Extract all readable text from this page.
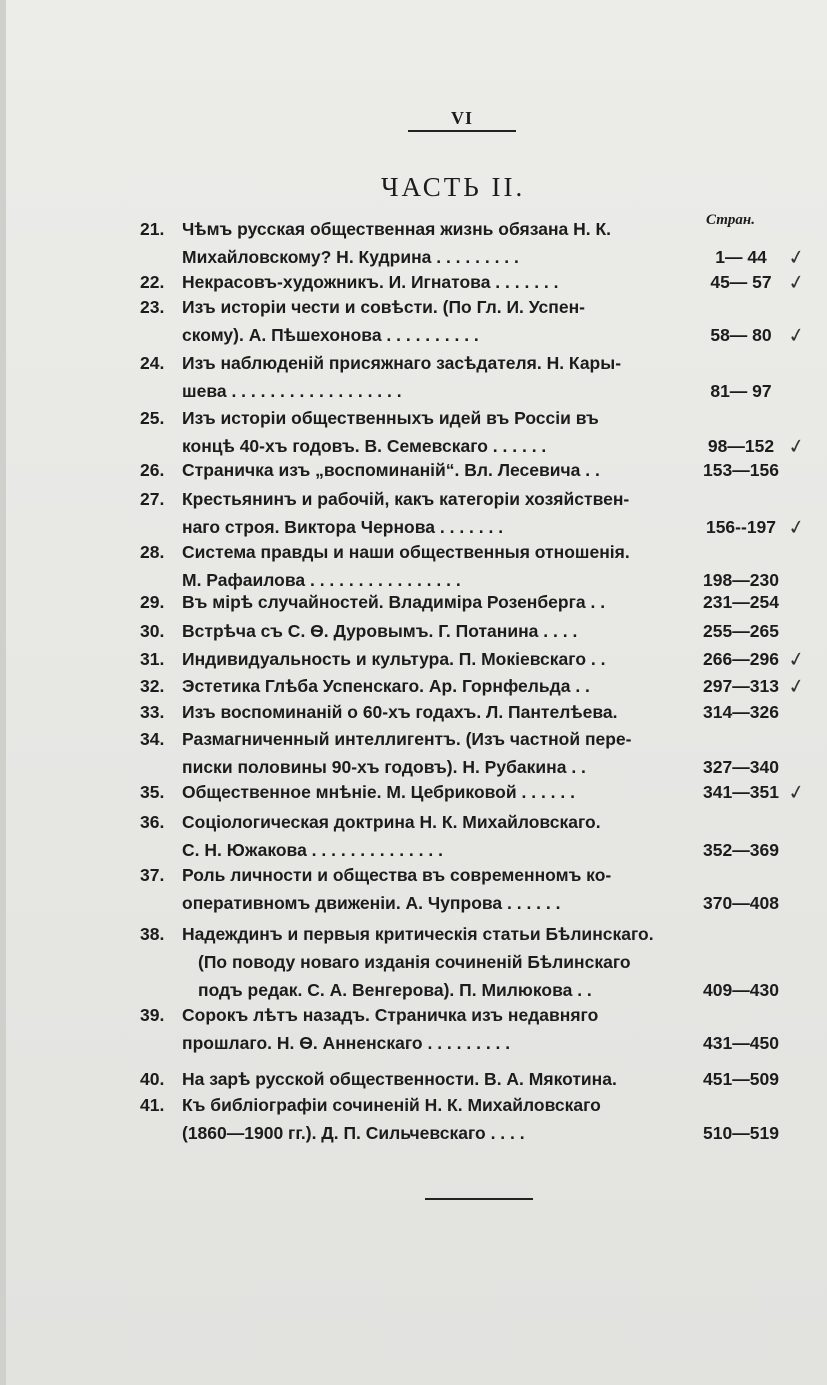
VI
ЧАСТЬ II.
Стран.
21.	Чѣмъ русская общественная жизнь обязана Н. К.
Михайловскому? Н. Кудрина . . . . . . . . .	1— 44 ✓
22.	Некрасовъ-художникъ. И. Игнатова . . . . . . .	45— 57 ✓
23.	Изъ исторіи чести и совѣсти. (По Гл. И. Успен-
скому). А. Пѣшехонова . . . . . . . . . .	58— 80 ✓
24.	Изъ наблюденій присяжнаго засѣдателя. Н. Кары-
шева . . . . . . . . . . . . . . . . . .	81— 97
25.	Изъ исторіи общественныхъ идей въ Россіи въ
концѣ 40-хъ годовъ. В. Семевскаго . . . . . .	98—152 ✓
26.	Страничка изъ „воспоминаній“. Вл. Лесевича . .	153—156
27.	Крестьянинъ и рабочій, какъ категоріи хозяйствен-
наго строя. Виктора Чернова . . . . . . .	156--197 ✓
28.	Система правды и наши общественныя отношенія.
М. Рафаилова . . . . . . . . . . . . . . . .	198—230
29.	Въ мірѣ случайностей. Владиміра Розенберга . .	231—254
30.	Встрѣча съ С. Ѳ. Дуровымъ. Г. Потанина . . . .	255—265
31.	Индивидуальность и культура. П. Мокіевскаго . .	266—296 ✓
32.	Эстетика Глѣба Успенскаго. Ар. Горнфельда . .	297—313 ✓
33.	Изъ воспоминаній о 60-хъ годахъ. Л. Пантелѣева.	314—326
34.	Размагниченный интеллигентъ. (Изъ частной пере-
писки половины 90-хъ годовъ). Н. Рубакина . .	327—340
35.	Общественное мнѣніе. М. Цебриковой . . . . . .	341—351 ✓
36.	Соціологическая доктрина Н. К. Михайловскаго.
С. Н. Южакова . . . . . . . . . . . . . .	352—369
37.	Роль личности и общества въ современномъ ко-
оперативномъ движеніи. А. Чупрова . . . . . .	370—408
38.	Надеждинъ и первыя критическія статьи Бѣлинскаго.
(По поводу новаго изданія сочиненій Бѣлинскаго
подъ редак. С. А. Венгерова). П. Милюкова . .	409—430
39.	Сорокъ лѣтъ назадъ. Страничка изъ недавняго
прошлаго. Н. Ѳ. Анненскаго . . . . . . . . .	431—450
40.	На зарѣ русской общественности. В. А. Мякотина.	451—509
41.	Къ библіографіи сочиненій Н. К. Михайловскаго
(1860—1900 гг.). Д. П. Сильчевскаго . . . .	510—519
